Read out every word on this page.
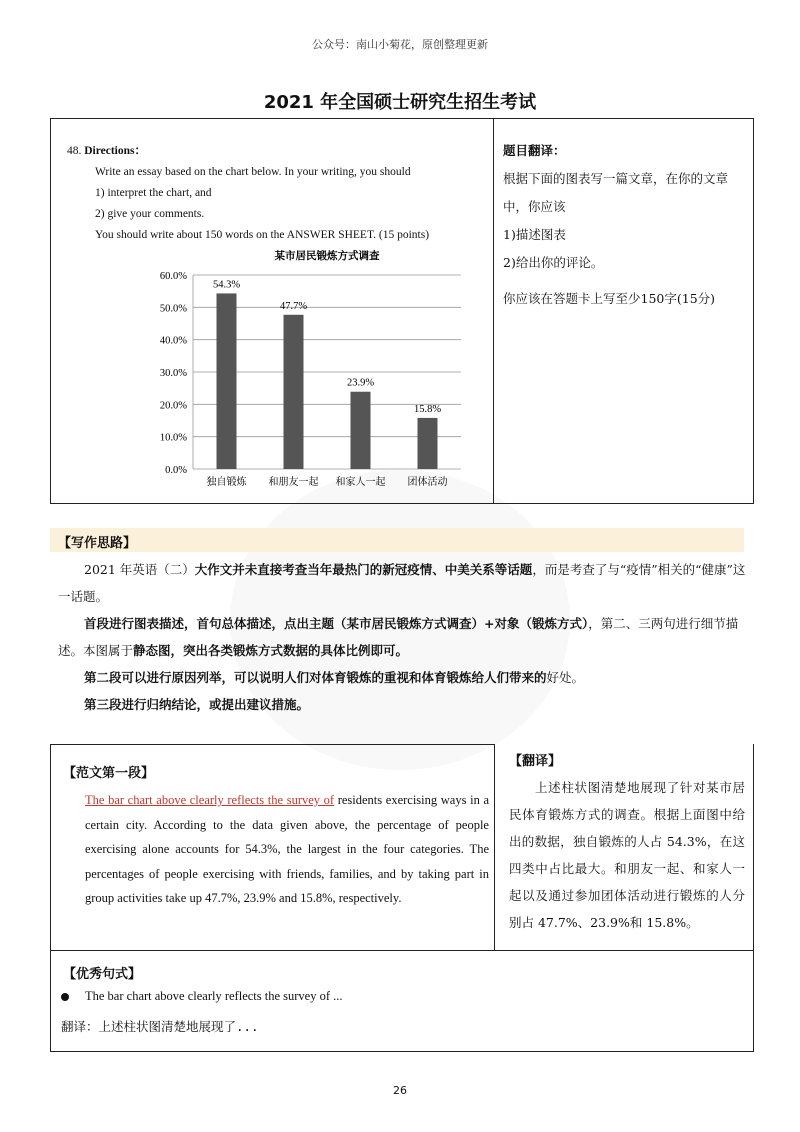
公众号：南山小菊花，原创整理更新
2021 年全国硕士研究生招生考试
48. Directions：
Write an essay based on the chart below. In your writing, you should
1) interpret the chart, and
2) give your comments.
You should write about 150 words on the ANSWER SHEET. (15 points)
某市居民锻炼方式调查
0.0%
10.0%
20.0%
30.0%
40.0%
50.0%
60.0%
54.3%
独自锻炼
47.7%
和朋友一起
23.9%
和家人一起
15.8%
团体活动
题目翻译：
根据下面的图表写一篇文章，在你的文章中，你应该
1)描述图表
2)给出你的评论。
你应该在答题卡上写至少150字(15分)
【写作思路】

2021 年英语（二）大作文并未直接考查当年最热门的新冠疫情、中美关系等话题，而是考查了与“疫情”相关的“健康”这一话题。

首段进行图表描述，首句总体描述，点出主题（某市居民锻炼方式调查）+对象（锻炼方式），第二、三两句进行细节描述。本图属于静态图，突出各类锻炼方式数据的具体比例即可。

第二段可以进行原因列举，可以说明人们对体育锻炼的重视和体育锻炼给人们带来的好处。

第三段进行归纳结论，或提出建议措施。

【范文第一段】
The bar chart above clearly reflects the survey of residents exercising ways in a certain city. According to the data given above, the percentage of people exercising alone accounts for 54.3%, the largest in the four categories. The percentages of people exercising with friends, families, and by taking part in group activities take up 47.7%, 23.9% and 15.8%, respectively.
【翻译】
上述柱状图清楚地展现了针对某市居民体育锻炼方式的调查。根据上面图中给出的数据，独自锻炼的人占 54.3%，在这四类中占比最大。和朋友一起、和家人一起以及通过参加团体活动进行锻炼的人分别占 47.7%、23.9%和 15.8%。
【优秀句式】
The bar chart above clearly reflects the survey of ...
翻译：上述柱状图清楚地展现了...
26
